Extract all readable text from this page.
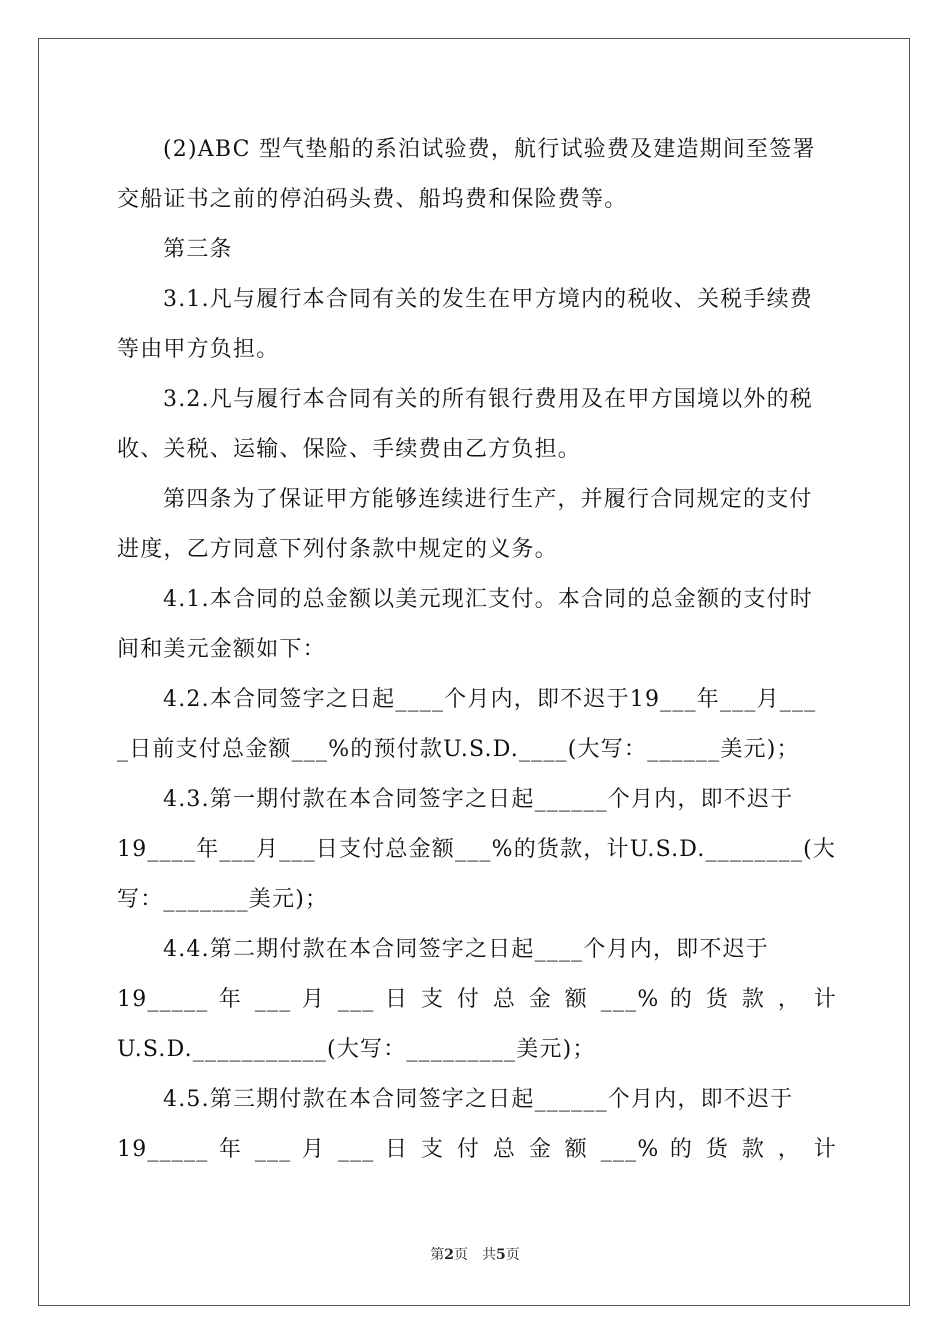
(2)ABC 型气垫船的系泊试验费，航行试验费及建造期间至签署
交船证书之前的停泊码头费、船坞费和保险费等。
第三条
3.1.凡与履行本合同有关的发生在甲方境内的税收、关税手续费
等由甲方负担。
3.2.凡与履行本合同有关的所有银行费用及在甲方国境以外的税
收、关税、运输、保险、手续费由乙方负担。
第四条为了保证甲方能够连续进行生产，并履行合同规定的支付
进度，乙方同意下列付条款中规定的义务。
4.1.本合同的总金额以美元现汇支付。本合同的总金额的支付时
间和美元金额如下：
4.2.本合同签字之日起____个月内，即不迟于19___年___月___
_日前支付总金额___%的预付款U.S.D.____(大写：______美元)；
4.3.第一期付款在本合同签字之日起______个月内，即不迟于
19____年___月___日支付总金额___%的货款，计U.S.D.________(大
写：_______美元)；
4.4.第二期付款在本合同签字之日起____个月内，即不迟于
19_____ 年 ___ 月 ___ 日 支 付 总 金 额 ___% 的 货 款 ， 计
U.S.D.___________(大写：_________美元)；
4.5.第三期付款在本合同签字之日起______个月内，即不迟于
19_____ 年 ___ 月 ___ 日 支 付 总 金 额 ___% 的 货 款 ， 计
第2页　共5页
